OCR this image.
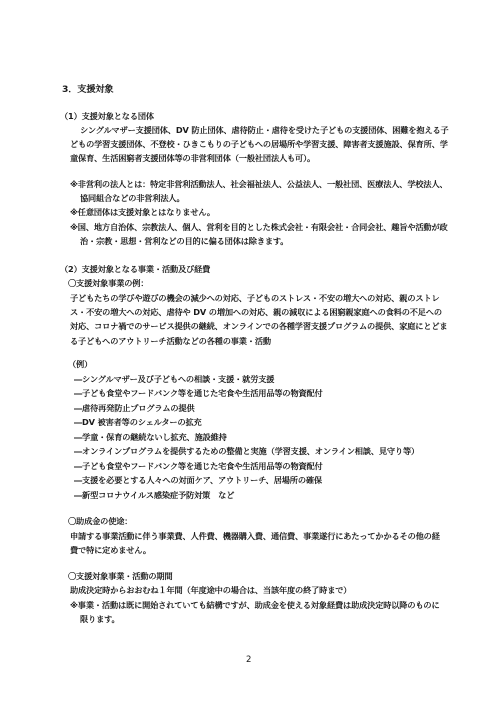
3．支援対象

（1）支援対象となる団体

シングルマザー支援団体、DV 防止団体、虐待防止・虐待を受けた子どもの支援団体、困難を抱える子

どもの学習支援団体、不登校・ひきこもりの子どもへの居場所や学習支援、障害者支援施設、保育所、学

童保育、生活困窮者支援団体等の非営利団体（一般社団法人も可）。

※非営利の法人とは：特定非営利活動法人、社会福祉法人、公益法人、一般社団、医療法人、学校法人、

協同組合などの非営利法人。

※任意団体は支援対象とはなりません。

※国、地方自治体、宗教法人、個人、営利を目的とした株式会社・有限会社・合同会社、趣旨や活動が政

治・宗教・思想・営利などの目的に偏る団体は除きます。

（2）支援対象となる事業・活動及び経費

〇支援対象事業の例：

子どもたちの学びや遊びの機会の減少への対応、子どものストレス・不安の増大への対応、親のストレ

ス・不安の増大への対応、虐待や DV の増加への対応、親の減収による困窮親家庭への食料の不足への

対応、コロナ禍でのサービス提供の継続、オンラインでの各種学習支援プログラムの提供、家庭にとどま

る子どもへのアウトリーチ活動などの各種の事業・活動

（例）

―シングルマザー及び子どもへの相談・支援・就労支援

―子ども食堂やフードバンク等を通じた宅食や生活用品等の物資配付

―虐待再発防止プログラムの提供

―DV 被害者等のシェルターの拡充

―学童・保育の継続ないし拡充、施設維持

―オンラインプログラムを提供するための整備と実施（学習支援、オンライン相談、見守り等）

―子ども食堂やフードバンク等を通じた宅食や生活用品等の物資配付

―支援を必要とする人々への対面ケア、アウトリーチ、居場所の確保

―新型コロナウイルス感染症予防対策　など

〇助成金の使途：

申請する事業活動に伴う事業費、人件費、機器購入費、通信費、事業遂行にあたってかかるその他の経

費で特に定めません。

〇支援対象事業・活動の期間

助成決定時からおおむね１年間（年度途中の場合は、当該年度の終了時まで）

※事業・活動は既に開始されていても結構ですが、助成金を使える対象経費は助成決定時以降のものに

限ります。

2
